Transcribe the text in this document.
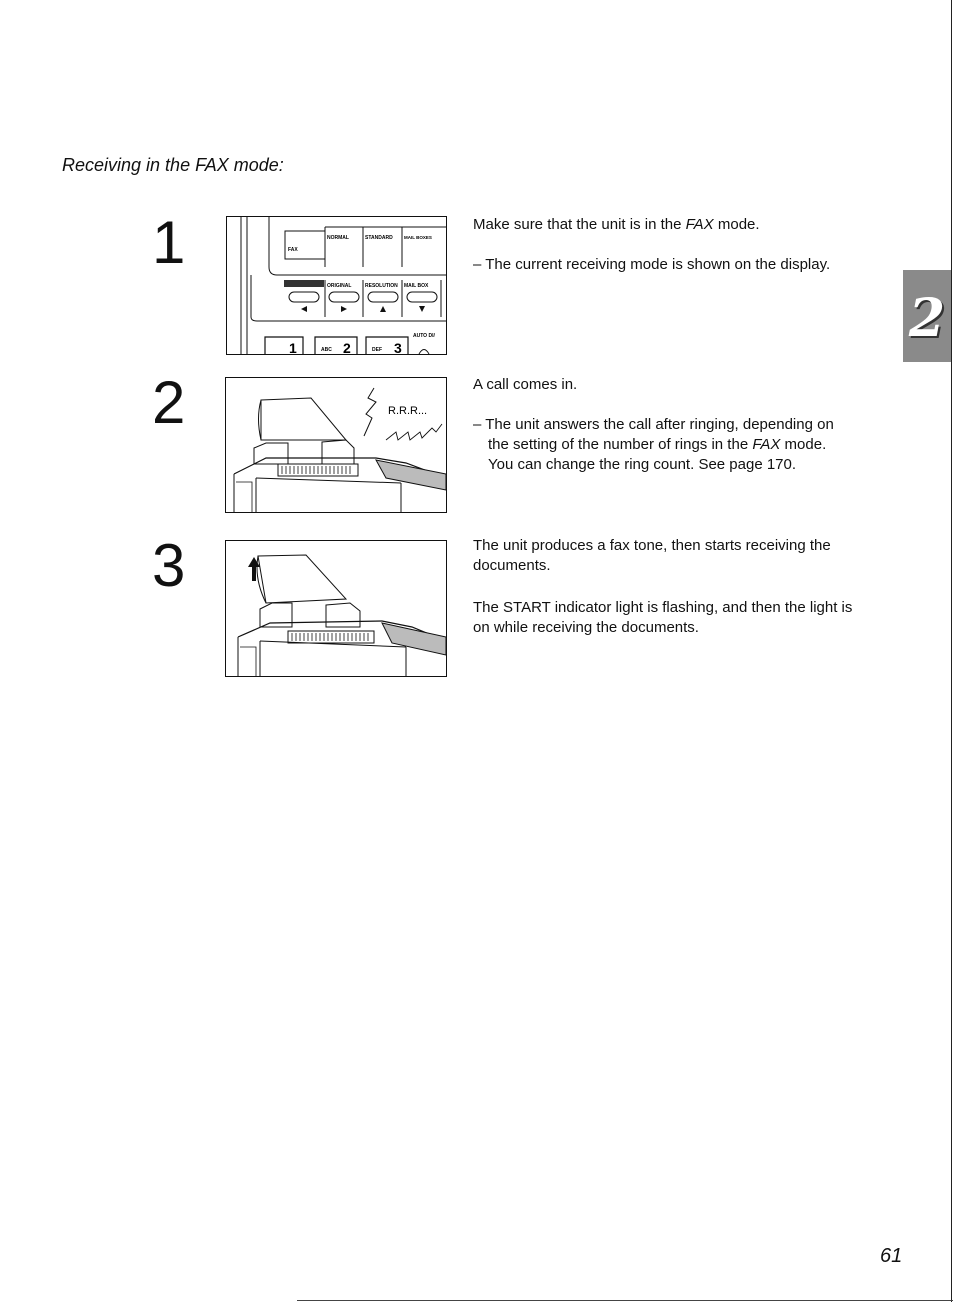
Receiving in the FAX mode:
2
1	NORMAL	STANDARD	MAIL BOXES
FAX
ORIGINAL	RESOLUTION MAIL BOX
1	ABC 2	DEF 3
AUTO DI/

Make sure that the unit is in the FAX mode.

– The current receiving mode is shown on the display.

2	R.R.R...

A call comes in.

– The unit answers the call after ringing, depending on the setting of the number of rings in the FAX mode.

You can change the ring count. See page 170.

3	The unit produces a fax tone, then starts receiving the documents.

The START indicator light is flashing, and then the light is on while receiving the documents.

61
